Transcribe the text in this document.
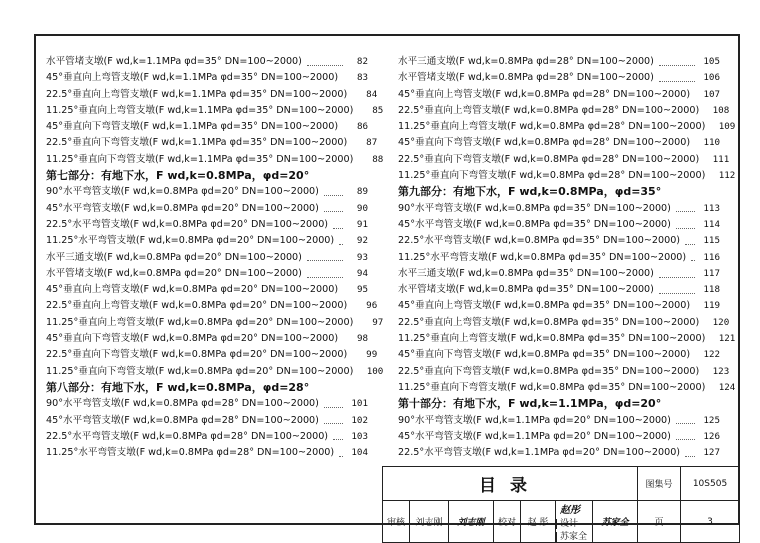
水平管堵支墩(F wd,k=1.1MPa φd=35° DN=100~2000)	82
45°垂直向上弯管支墩(F wd,k=1.1MPa φd=35° DN=100~2000)	83
22.5°垂直向上弯管支墩(F wd,k=1.1MPa φd=35° DN=100~2000)	84
11.25°垂直向上弯管支墩(F wd,k=1.1MPa φd=35° DN=100~2000)	85
45°垂直向下弯管支墩(F wd,k=1.1MPa φd=35° DN=100~2000)	86
22.5°垂直向下弯管支墩(F wd,k=1.1MPa φd=35° DN=100~2000)	87
11.25°垂直向下弯管支墩(F wd,k=1.1MPa φd=35° DN=100~2000)	88
第七部分：有地下水，F wd,k=0.8MPa，φd=20°
90°水平弯管支墩(F wd,k=0.8MPa φd=20° DN=100~2000)	89
45°水平弯管支墩(F wd,k=0.8MPa φd=20° DN=100~2000)	90
22.5°水平弯管支墩(F wd,k=0.8MPa φd=20° DN=100~2000)	91
11.25°水平弯管支墩(F wd,k=0.8MPa φd=20° DN=100~2000)	92
水平三通支墩(F wd,k=0.8MPa φd=20° DN=100~2000)	93
水平管堵支墩(F wd,k=0.8MPa φd=20° DN=100~2000)	94
45°垂直向上弯管支墩(F wd,k=0.8MPa φd=20° DN=100~2000)	95
22.5°垂直向上弯管支墩(F wd,k=0.8MPa φd=20° DN=100~2000)	96
11.25°垂直向上弯管支墩(F wd,k=0.8MPa φd=20° DN=100~2000)	97
45°垂直向下弯管支墩(F wd,k=0.8MPa φd=20° DN=100~2000)	98
22.5°垂直向下弯管支墩(F wd,k=0.8MPa φd=20° DN=100~2000)	99
11.25°垂直向下弯管支墩(F wd,k=0.8MPa φd=20° DN=100~2000)	100
第八部分：有地下水，F wd,k=0.8MPa，φd=28°
90°水平弯管支墩(F wd,k=0.8MPa φd=28° DN=100~2000)	101
45°水平弯管支墩(F wd,k=0.8MPa φd=28° DN=100~2000)	102
22.5°水平弯管支墩(F wd,k=0.8MPa φd=28° DN=100~2000)	103
11.25°水平弯管支墩(F wd,k=0.8MPa φd=28° DN=100~2000)	104
水平三通支墩(F wd,k=0.8MPa φd=28° DN=100~2000)	105
水平管堵支墩(F wd,k=0.8MPa φd=28° DN=100~2000)	106
45°垂直向上弯管支墩(F wd,k=0.8MPa φd=28° DN=100~2000)	107
22.5°垂直向上弯管支墩(F wd,k=0.8MPa φd=28° DN=100~2000)	108
11.25°垂直向上弯管支墩(F wd,k=0.8MPa φd=28° DN=100~2000)	109
45°垂直向下弯管支墩(F wd,k=0.8MPa φd=28° DN=100~2000)	110
22.5°垂直向下弯管支墩(F wd,k=0.8MPa φd=28° DN=100~2000)	111
11.25°垂直向下弯管支墩(F wd,k=0.8MPa φd=28° DN=100~2000)	112
第九部分：有地下水，F wd,k=0.8MPa，φd=35°
90°水平弯管支墩(F wd,k=0.8MPa φd=35° DN=100~2000)	113
45°水平弯管支墩(F wd,k=0.8MPa φd=35° DN=100~2000)	114
22.5°水平弯管支墩(F wd,k=0.8MPa φd=35° DN=100~2000)	115
11.25°水平弯管支墩(F wd,k=0.8MPa φd=35° DN=100~2000)	116
水平三通支墩(F wd,k=0.8MPa φd=35° DN=100~2000)	117
水平管堵支墩(F wd,k=0.8MPa φd=35° DN=100~2000)	118
45°垂直向上弯管支墩(F wd,k=0.8MPa φd=35° DN=100~2000)	119
22.5°垂直向上弯管支墩(F wd,k=0.8MPa φd=35° DN=100~2000)	120
11.25°垂直向上弯管支墩(F wd,k=0.8MPa φd=35° DN=100~2000)	121
45°垂直向下弯管支墩(F wd,k=0.8MPa φd=35° DN=100~2000)	122
22.5°垂直向下弯管支墩(F wd,k=0.8MPa φd=35° DN=100~2000)	123
11.25°垂直向下弯管支墩(F wd,k=0.8MPa φd=35° DN=100~2000)	124
第十部分：有地下水，F wd,k=1.1MPa，φd=20°
90°水平弯管支墩(F wd,k=1.1MPa φd=20° DN=100~2000)	125
45°水平弯管支墩(F wd,k=1.1MPa φd=20° DN=100~2000)	126
22.5°水平弯管支墩(F wd,k=1.1MPa φd=20° DN=100~2000)	127
目录							图集号	10S505
审核	刘志刚	刘志刚	校对	赵 彤	赵彤 设计 苏家全	苏家全	页	3
